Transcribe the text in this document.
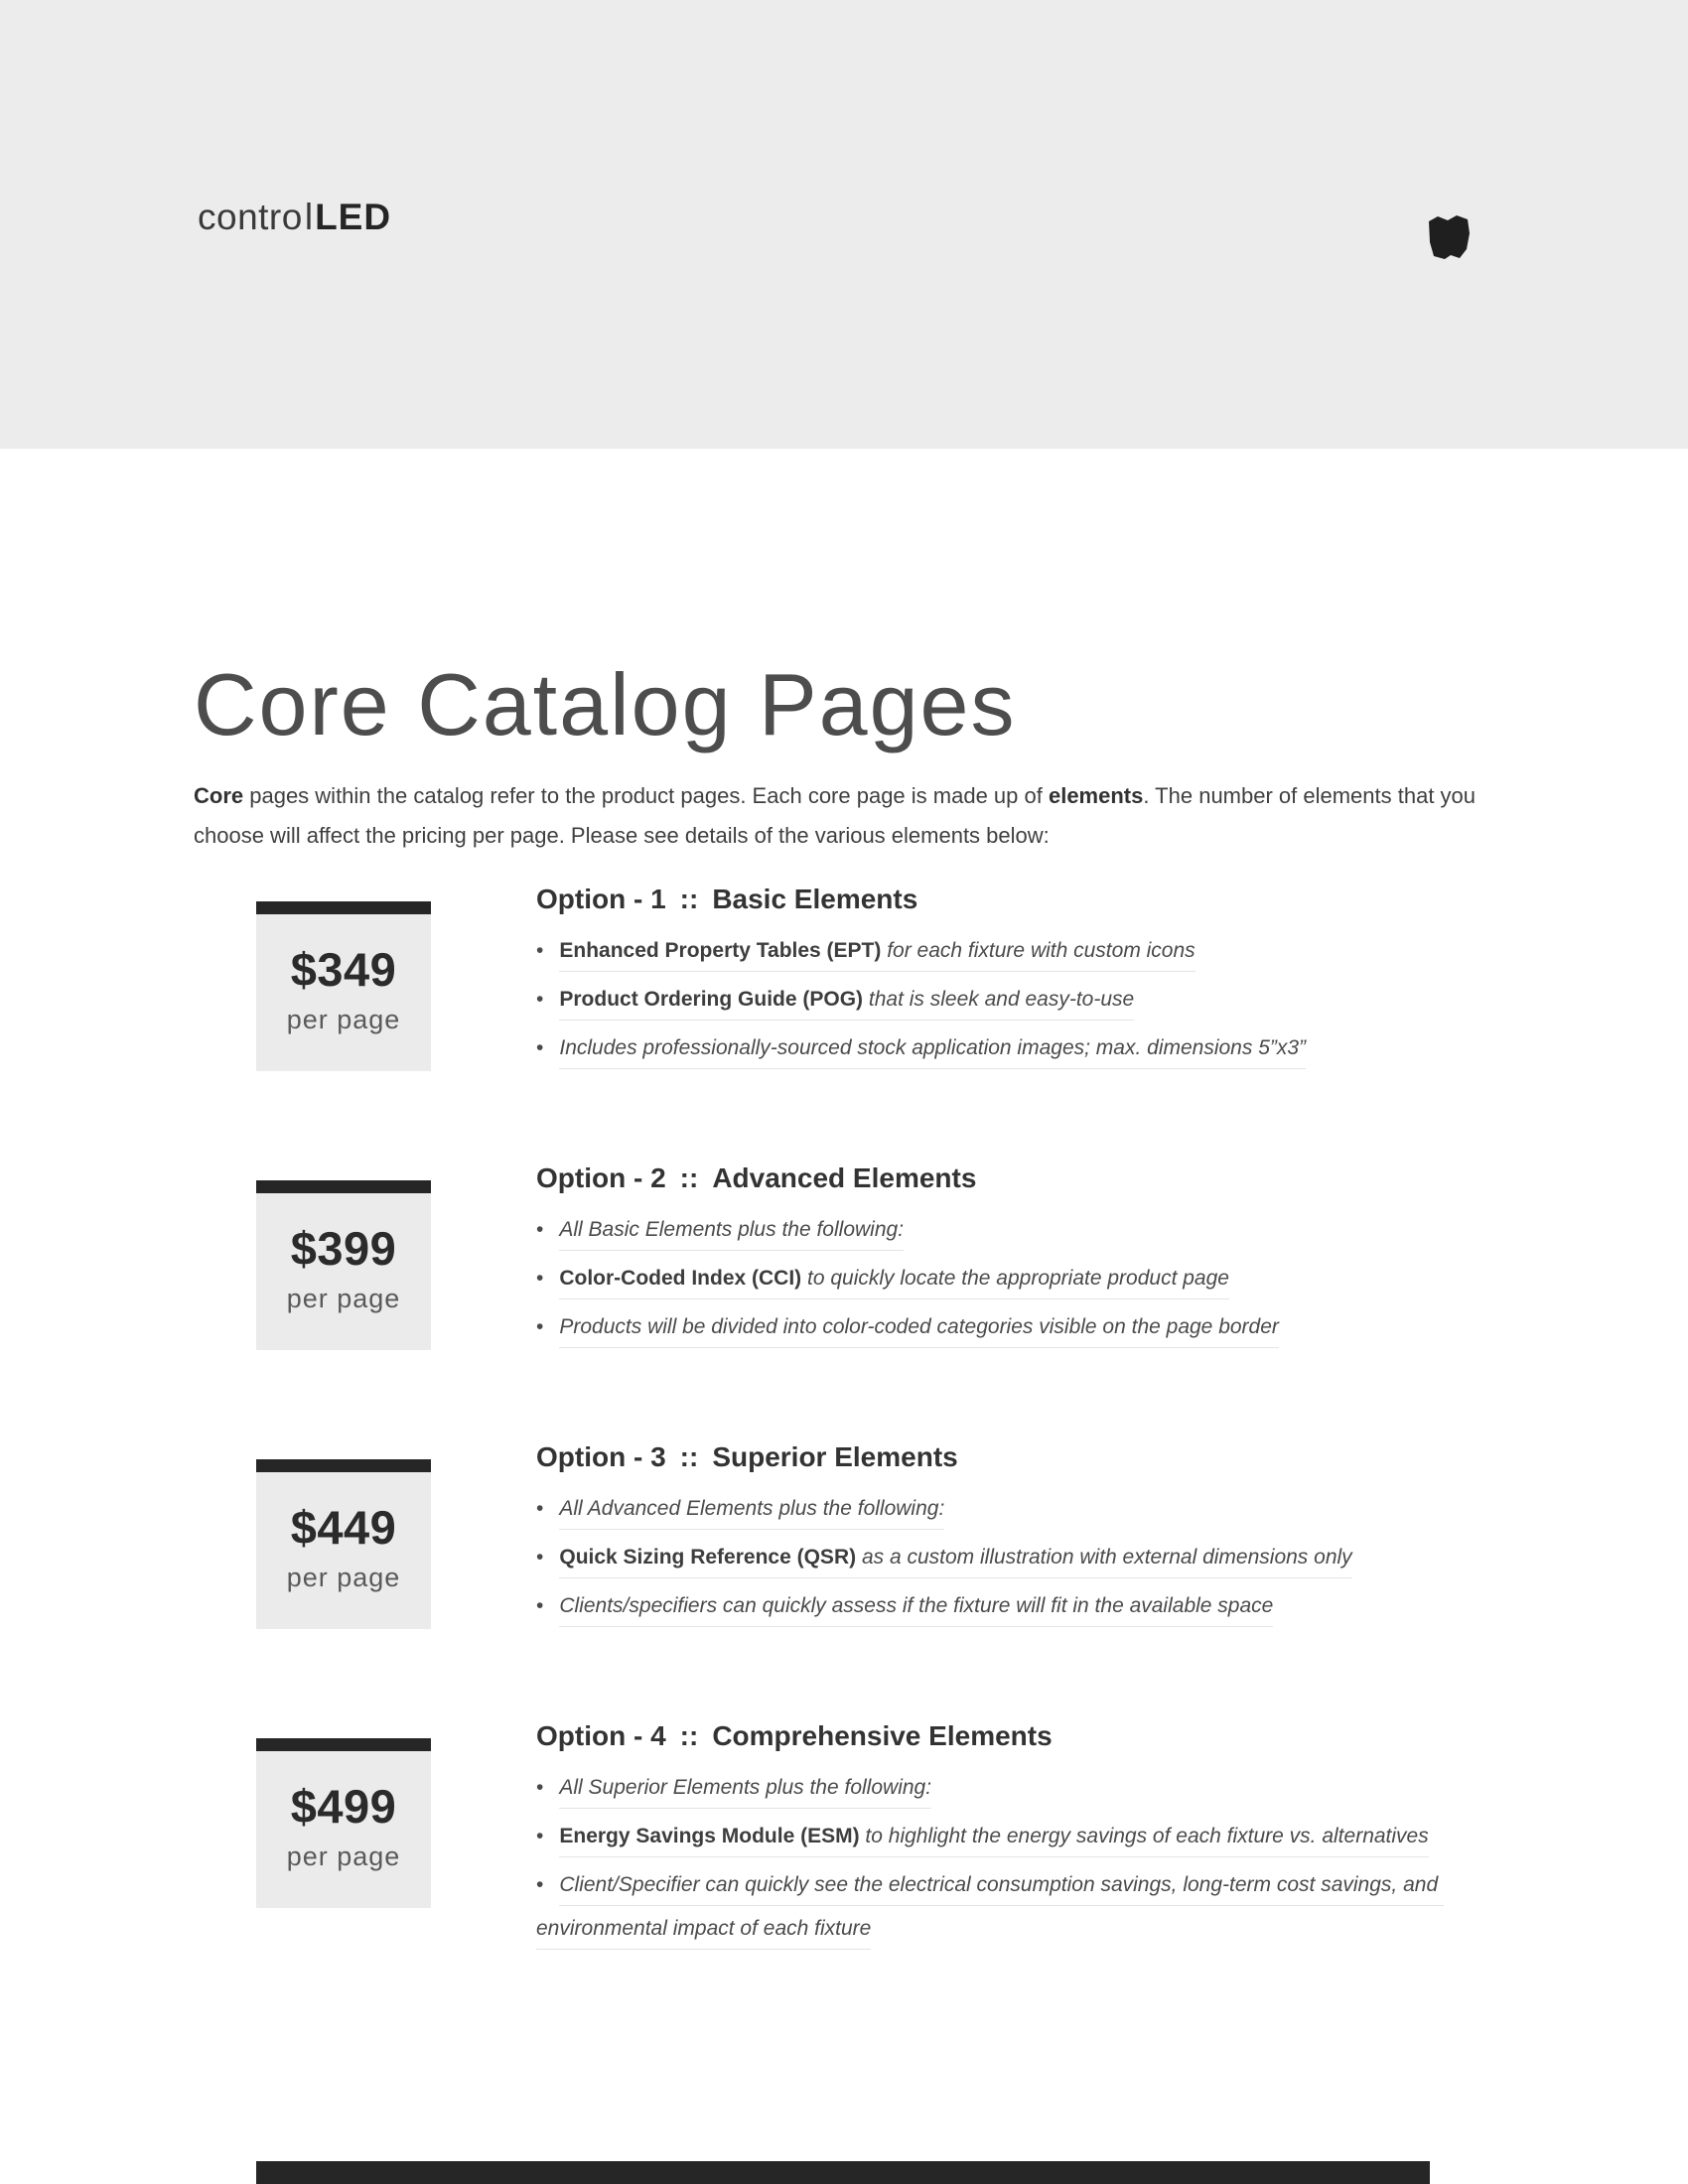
controlLED
Core Catalog Pages

Core pages within the catalog refer to the product pages. Each core page is made up of elements. The number of elements that you choose will affect the pricing per page. Please see details of the various elements below:

$349
per page
Option - 1 :: Basic Elements
• Enhanced Property Tables (EPT) for each fixture with custom icons
• Product Ordering Guide (POG) that is sleek and easy-to-use
• Includes professionally-sourced stock application images; max. dimensions 5”x3”
$399
per page
Option - 2 :: Advanced Elements
• All Basic Elements plus the following:
• Color-Coded Index (CCI) to quickly locate the appropriate product page
• Products will be divided into color-coded categories visible on the page border
$449
per page
Option - 3 :: Superior Elements
• All Advanced Elements plus the following:
• Quick Sizing Reference (QSR) as a custom illustration with external dimensions only
• Clients/specifiers can quickly assess if the fixture will fit in the available space
$499
per page
Option - 4 :: Comprehensive Elements
• All Superior Elements plus the following:
• Energy Savings Module (ESM) to highlight the energy savings of each fixture vs. alternatives
• Client/Specifier can quickly see the electrical consumption savings, long-term cost savings, and environmental impact of each fixture
